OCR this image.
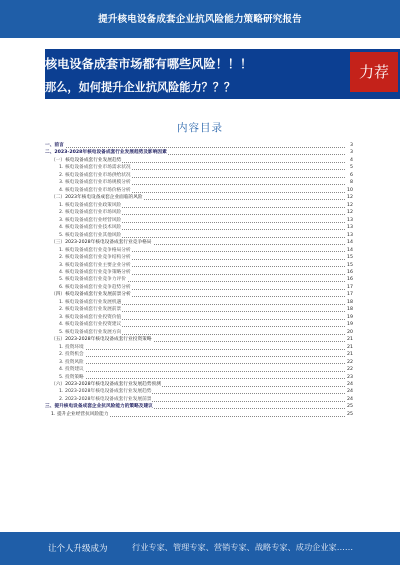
提升核电设备成套企业抗风险能力策略研究报告
核电设备成套市场都有哪些风险！！！
那么，如何提升企业抗风险能力？？？
力荐
内容目录
一、前言	3
二、2023-2028年核电设备成套行业发展趋势及影响因素	3
（一）核电设备成套行业发展趋势	4
1. 核电设备成套行业市场需求状况	5
2. 核电设备成套行业市场供给状况	6
3. 核电设备成套行业市场规模分析	8
4. 核电设备成套行业市场价格分析	10
（二）2023年核电设备成套企业面临的风险	12
1. 核电设备成套行业政策风险	12
2. 核电设备成套行业市场风险	12
3. 核电设备成套行业经营风险	13
4. 核电设备成套行业技术风险	13
5. 核电设备成套行业其他风险	13
（三）2023-2028年核电设备成套行业竞争格局	14
1. 核电设备成套行业竞争格局分析	14
2. 核电设备成套行业竞争结构分析	15
3. 核电设备成套行业主要企业分析	15
4. 核电设备成套行业竞争策略分析	16
5. 核电设备成套行业竞争力评价	16
6. 核电设备成套行业竞争趋势分析	17
（四）核电设备成套行业发展前景分析	17
1. 核电设备成套行业发展机遇	18
2. 核电设备成套行业发展前景	18
3. 核电设备成套行业投资价值	19
4. 核电设备成套行业投资建议	19
5. 核电设备成套行业发展方向	20
（五）2023-2028年核电设备成套行业投资策略	21
1. 投资环境	21
2. 投资机会	21
3. 投资风险	22
4. 投资建议	22
5. 投资策略	23
（六）2023-2028年核电设备成套行业发展趋势预测	24
1. 2023-2028年核电设备成套行业发展趋势	24
2. 2023-2028年核电设备成套行业发展前景	24
三、提升核电设备成套企业抗风险能力的策略及建议	25
1. 提升企业经营抗风险能力	25
让个人升级成为	行业专家、管理专家、营销专家、战略专家、成功企业家……
